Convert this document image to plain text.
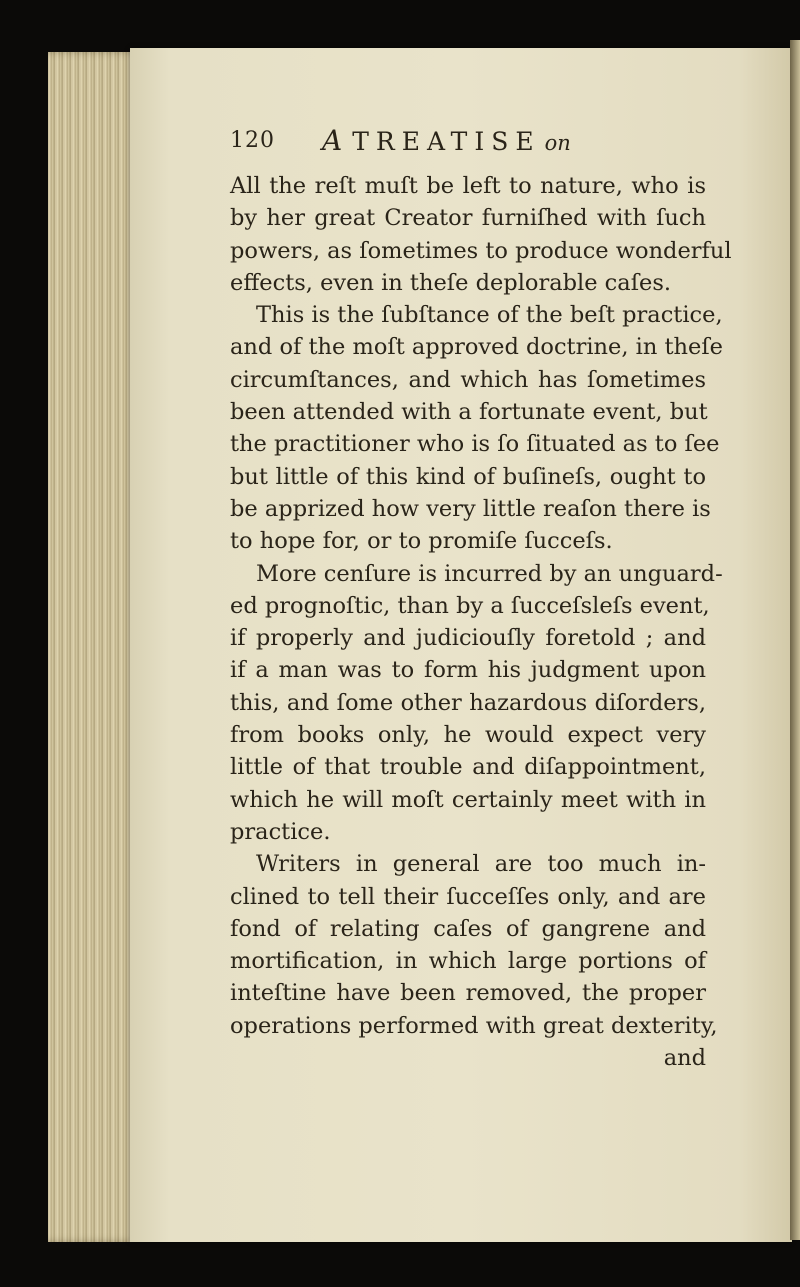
120 A TREATISE on
All the reſt muſt be left to nature, who is
by her great Creator furniſhed with ſuch
powers, as ſometimes to produce wonderful
effects, even in theſe deplorable caſes.
This is the ſubſtance of the beſt practice,
and of the moſt approved doctrine, in theſe
circumſtances, and which has ſometimes
been attended with a fortunate event, but
the practitioner who is ſo ſituated as to ſee
but little of this kind of buſineſs, ought to
be apprized how very little reaſon there is
to hope for, or to promiſe ſucceſs.
More cenſure is incurred by an unguard-
ed prognoſtic, than by a ſucceſsleſs event,
if properly and judiciouſly foretold ; and
if a man was to form his judgment upon
this, and ſome other hazardous diſorders,
from books only, he would expect very
little of that trouble and diſappointment,
which he will moſt certainly meet with in
practice.
Writers in general are too much in-
clined to tell their ſucceſſes only, and are
fond of relating caſes of gangrene and
mortification, in which large portions of
inteſtine have been removed, the proper
operations performed with great dexterity,
and
